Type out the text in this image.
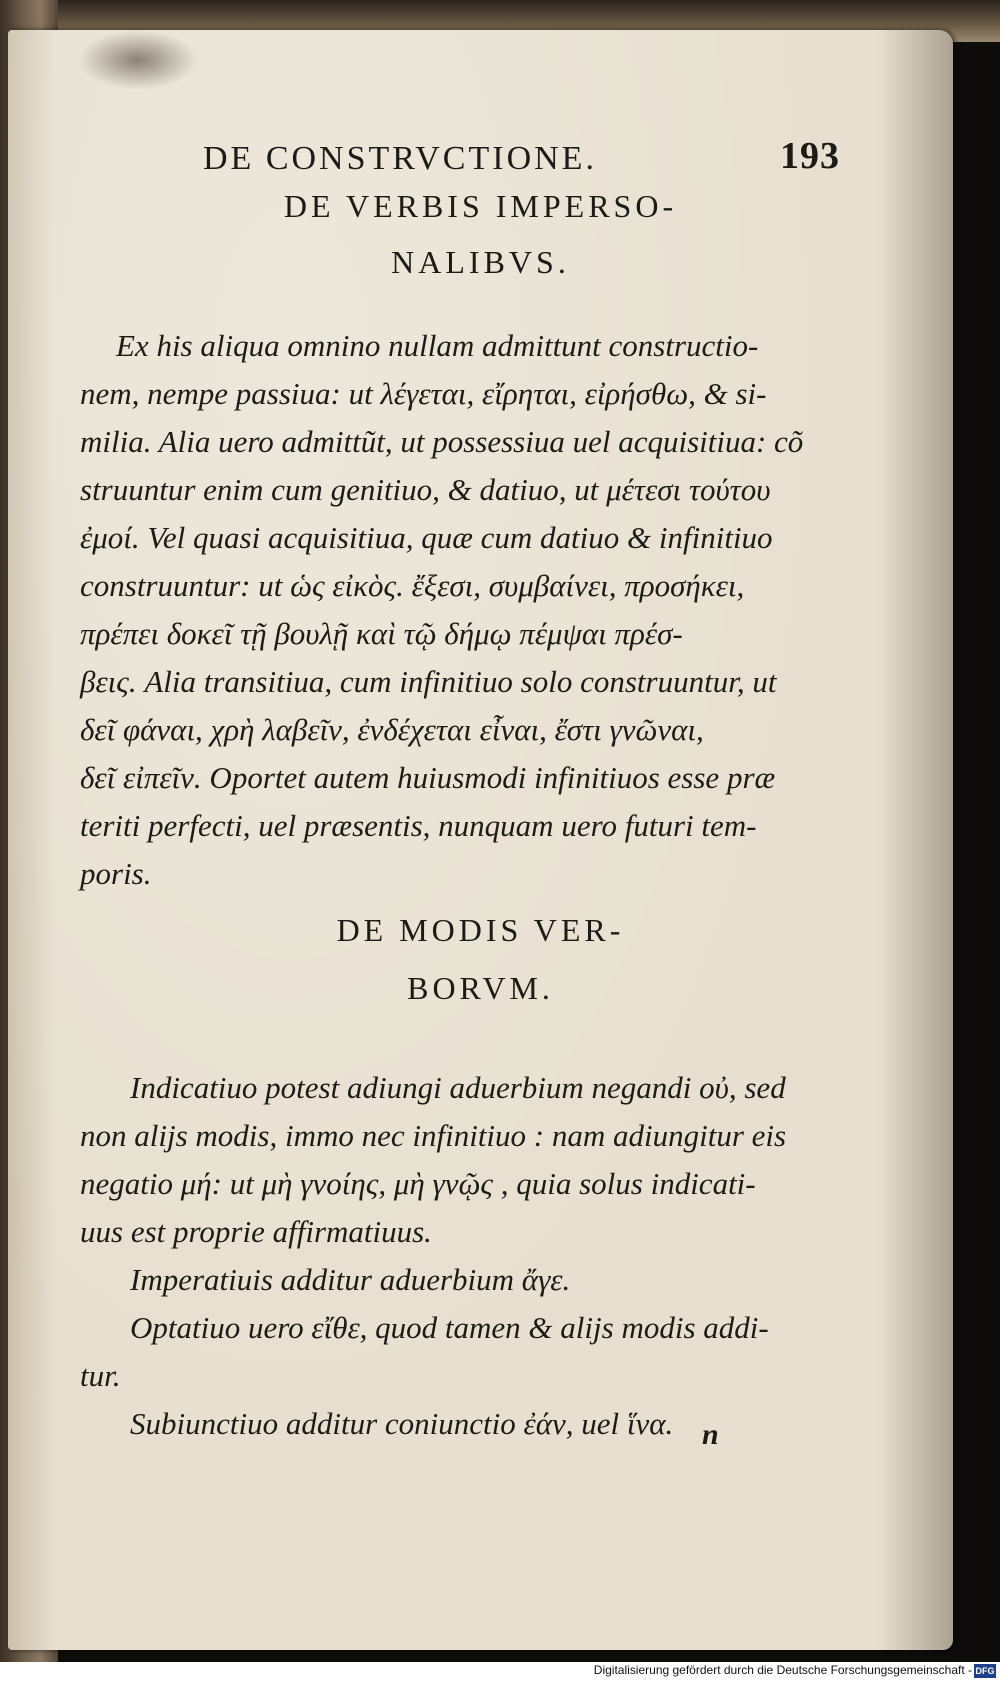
DE CONSTRVCTIONE.	193
DE VERBIS IMPERSO-
NALIBVS.
Ex his aliqua omnino nullam admittunt constructio-
nem, nempe passiua: ut λέγεται, εἴρηται, εἰρήσθω, & si-
milia. Alia uero admittũt, ut possessiua uel acquisitiua: cõ
struuntur enim cum genitiuo, & datiuo, ut μέτεσι τούτου
ἐμοί. Vel quasi acquisitiua, quæ cum datiuo & infinitiuo
construuntur: ut ὡς εἰκὸς. ἔξεσι, συμβαίνει, προσήκει,
πρέπει δοκεῖ τῇ βουλῇ καὶ τῷ δήμῳ πέμψαι πρέσ-
βεις. Alia transitiua, cum infinitiuo solo construuntur, ut
δεῖ φάναι, χρὴ λαβεῖν, ἐνδέχεται εἶναι, ἔστι γνῶναι,
δεῖ εἰπεῖν. Oportet autem huiusmodi infinitiuos esse præ
teriti perfecti, uel præsentis, nunquam uero futuri tem-
poris.
DE MODIS VER-
BORVM.
Indicatiuo potest adiungi aduerbium negandi οὐ, sed
non alijs modis, immo nec infinitiuo : nam adiungitur eis
negatio μή: ut μὴ γνοίης, μὴ γνῷς , quia solus indicati-
uus est proprie affirmatiuus.
Imperatiuis additur aduerbium ἄγε.
Optatiuo uero εἴθε, quod tamen & alijs modis addi-
tur.
Subiunctiuo additur coniunctio ἐάν, uel ἵνα. n
Digitalisierung gefördert durch die Deutsche Forschungsgemeinschaft - DFG
